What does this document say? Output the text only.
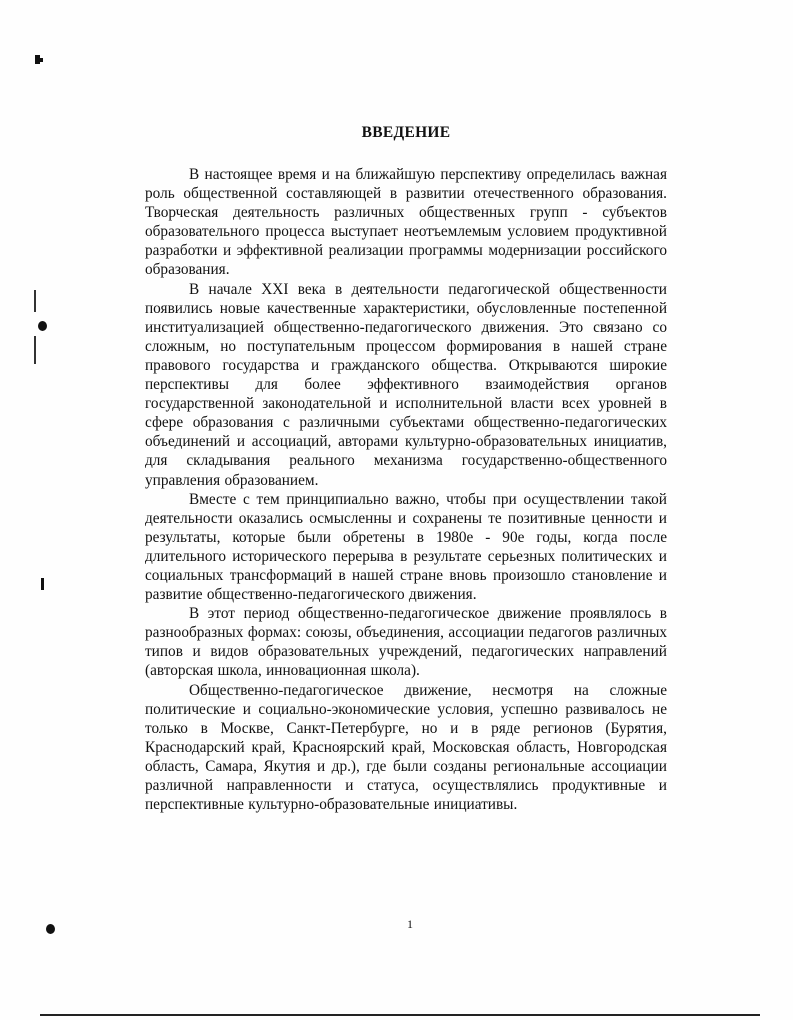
ВВЕДЕНИЕ

В настоящее время и на ближайшую перспективу определилась важная роль общественной составляющей в развитии отечественного образования. Творческая деятельность различных общественных групп - субъектов образовательного процесса выступает неотъемлемым условием продуктивной разработки и эффективной реализации программы модернизации российского образования.

В начале XXI века в деятельности педагогической общественности появились новые качественные характеристики, обусловленные постепенной институализацией общественно-педагогического движения. Это связано со сложным, но поступательным процессом формирования в нашей стране правового государства и гражданского общества. Открываются широкие перспективы для более эффективного взаимодействия органов государственной законодательной и исполнительной власти всех уровней в сфере образования с различными субъектами общественно-педагогических объединений и ассоциаций, авторами культурно-образовательных инициатив, для складывания реального механизма государственно-общественного управления образованием.

Вместе с тем принципиально важно, чтобы при осуществлении такой деятельности оказались осмысленны и сохранены те позитивные ценности и результаты, которые были обретены в 1980е - 90е годы, когда после длительного исторического перерыва в результате серьезных политических и социальных трансформаций в нашей стране вновь произошло становление и развитие общественно-педагогического движения.

В этот период общественно-педагогическое движение проявлялось в разнообразных формах: союзы, объединения, ассоциации педагогов различных типов и видов образовательных учреждений, педагогических направлений (авторская школа, инновационная школа).

Общественно-педагогическое движение, несмотря на сложные политические и социально-экономические условия, успешно развивалось не только в Москве, Санкт-Петербурге, но и в ряде регионов (Бурятия, Краснодарский край, Красноярский край, Московская область, Новгородская область, Самара, Якутия и др.), где были созданы региональные ассоциации различной направленности и статуса, осуществлялись продуктивные и перспективные культурно-образовательные инициативы.

1
